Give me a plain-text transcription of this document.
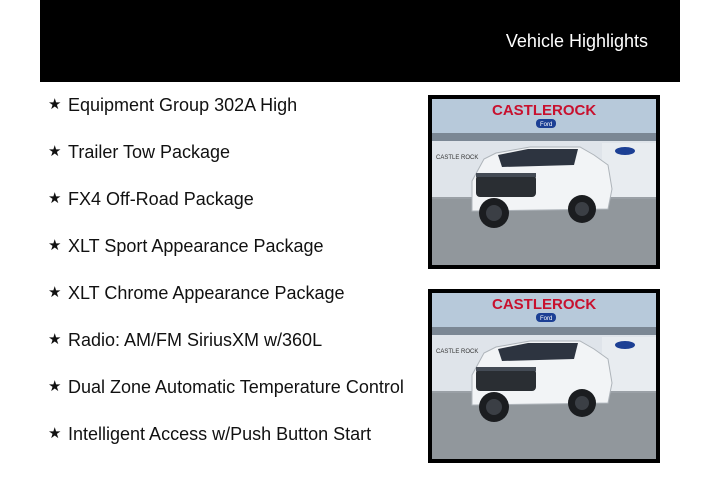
Vehicle Highlights
★ Equipment Group 302A High
★ Trailer Tow Package
★ FX4 Off-Road Package
★ XLT Sport Appearance Package
★ XLT Chrome Appearance Package
★ Radio: AM/FM SiriusXM w/360L
★ Dual Zone Automatic Temperature Control
★ Intelligent Access w/Push Button Start
CASTLEROCK
Ford
CASTLE ROCK
CASTLEROCK
Ford
CASTLE ROCK
